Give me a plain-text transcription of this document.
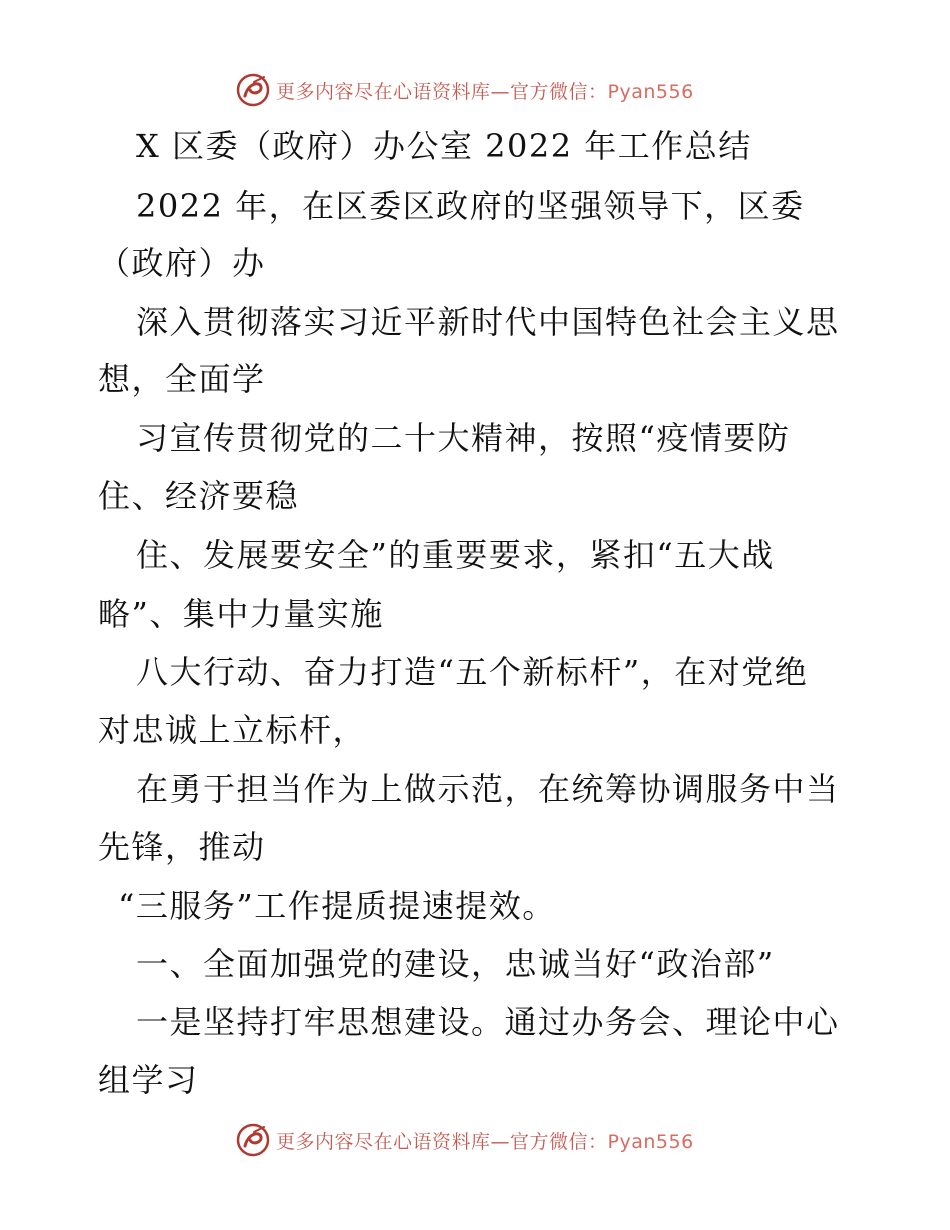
更多内容尽在心语资料库—官方微信：Pyan556
X 区委（政府）办公室 2022 年工作总结
2022 年，在区委区政府的坚强领导下，区委
（政府）办
深入贯彻落实习近平新时代中国特色社会主义思
想，全面学
习宣传贯彻党的二十大精神，按照“疫情要防
住、经济要稳
住、发展要安全”的重要要求，紧扣“五大战
略”、集中力量实施
八大行动、奋力打造“五个新标杆”，在对党绝
对忠诚上立标杆，
在勇于担当作为上做示范，在统筹协调服务中当
先锋，推动
“三服务”工作提质提速提效。
一、全面加强党的建设，忠诚当好“政治部”
一是坚持打牢思想建设。通过办务会、理论中心
组学习
更多内容尽在心语资料库—官方微信：Pyan556
